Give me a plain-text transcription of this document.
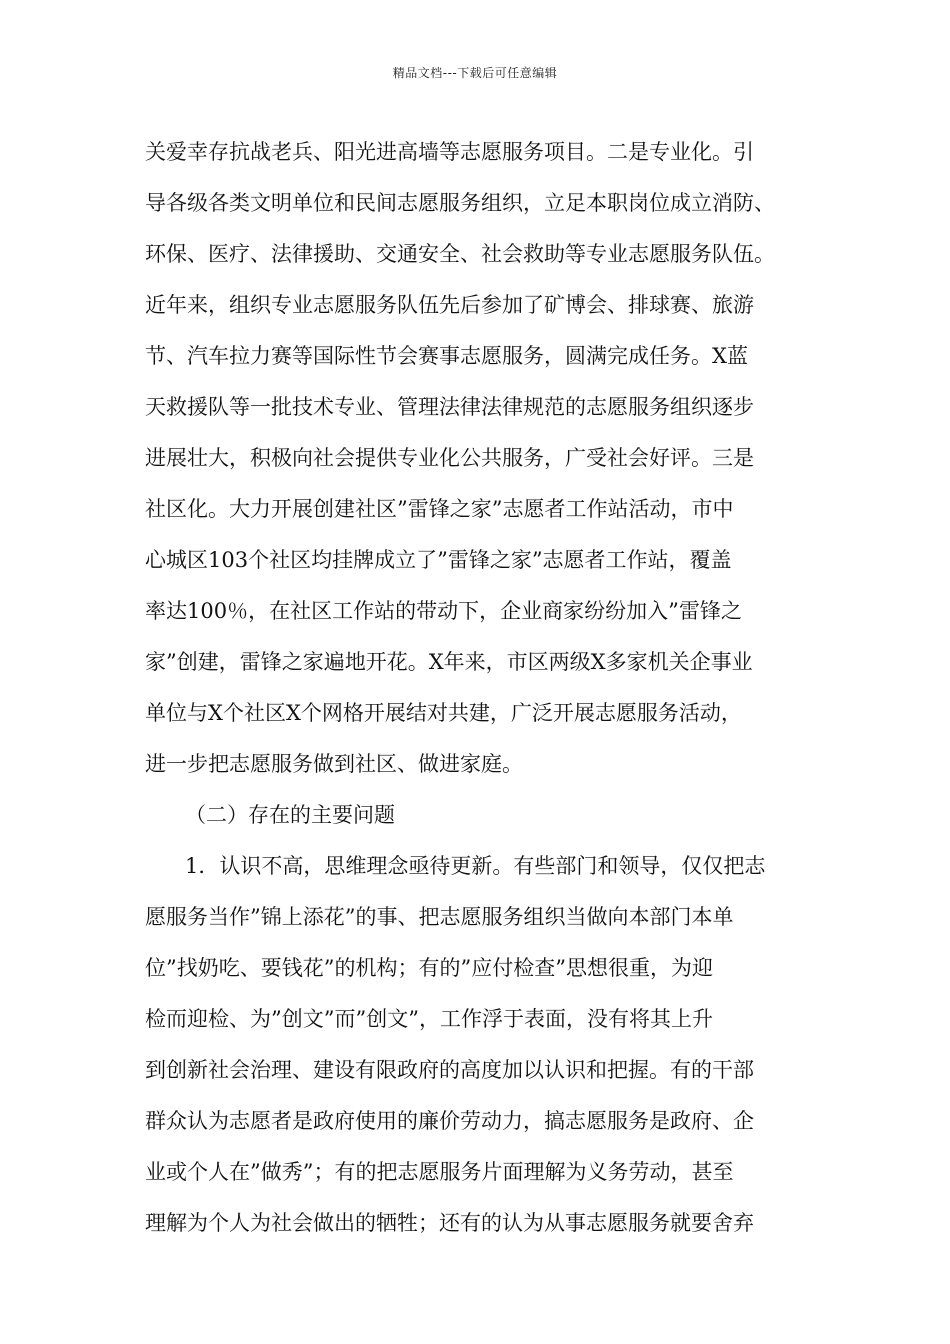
精品文档---下载后可任意编辑
关爱幸存抗战老兵、阳光进高墙等志愿服务项目。二是专业化。引
导各级各类文明单位和民间志愿服务组织，立足本职岗位成立消防、
环保、医疗、法律援助、交通安全、社会救助等专业志愿服务队伍。
近年来，组织专业志愿服务队伍先后参加了矿博会、排球赛、旅游
节、汽车拉力赛等国际性节会赛事志愿服务，圆满完成任务。X蓝
天救援队等一批技术专业、管理法律法律规范的志愿服务组织逐步
进展壮大，积极向社会提供专业化公共服务，广受社会好评。三是
社区化。大力开展创建社区”雷锋之家”志愿者工作站活动，市中
心城区103个社区均挂牌成立了”雷锋之家”志愿者工作站，覆盖
率达100％，在社区工作站的带动下，企业商家纷纷加入”雷锋之
家”创建，雷锋之家遍地开花。X年来，市区两级X多家机关企事业
单位与X个社区X个网格开展结对共建，广泛开展志愿服务活动，
进一步把志愿服务做到社区、做进家庭。
（二）存在的主要问题
1．认识不高，思维理念亟待更新。有些部门和领导，仅仅把志
愿服务当作”锦上添花”的事、把志愿服务组织当做向本部门本单
位”找奶吃、要钱花”的机构；有的”应付检查”思想很重，为迎
检而迎检、为”创文”而”创文”，工作浮于表面，没有将其上升
到创新社会治理、建设有限政府的高度加以认识和把握。有的干部
群众认为志愿者是政府使用的廉价劳动力，搞志愿服务是政府、企
业或个人在”做秀”；有的把志愿服务片面理解为义务劳动，甚至
理解为个人为社会做出的牺牲；还有的认为从事志愿服务就要舍弃
